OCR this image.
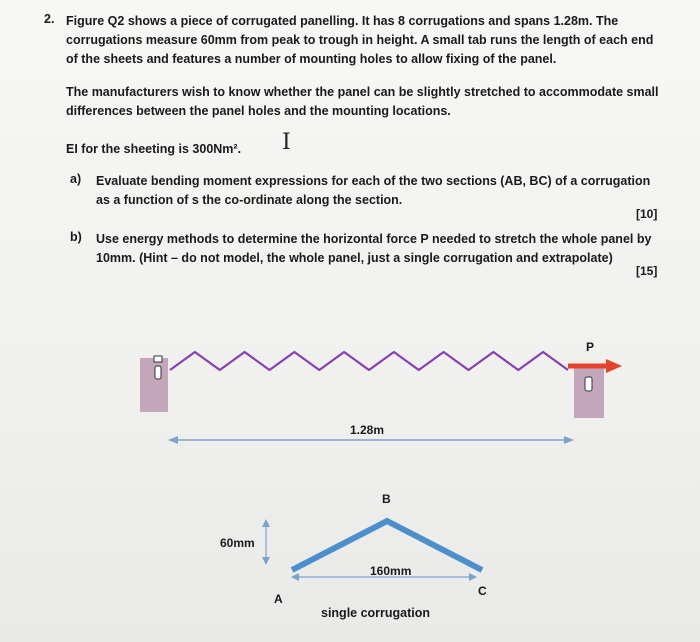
2. Figure Q2 shows a piece of corrugated panelling. It has 8 corrugations and spans 1.28m. The corrugations measure 60mm from peak to trough in height. A small tab runs the length of each end of the sheets and features a number of mounting holes to allow fixing of the panel.
The manufacturers wish to know whether the panel can be slightly stretched to accommodate small differences between the panel holes and the mounting locations.
EI for the sheeting is 300Nm². I
a) Evaluate bending moment expressions for each of the two sections (AB, BC) of a corrugation as a function of s the co-ordinate along the section.
[10]
b) Use energy methods to determine the horizontal force P needed to stretch the whole panel by 10mm. (Hint – do not model, the whole panel, just a single corrugation and extrapolate)
[15]
P
1.28m
B
60mm
160mm
A
C
single corrugation
